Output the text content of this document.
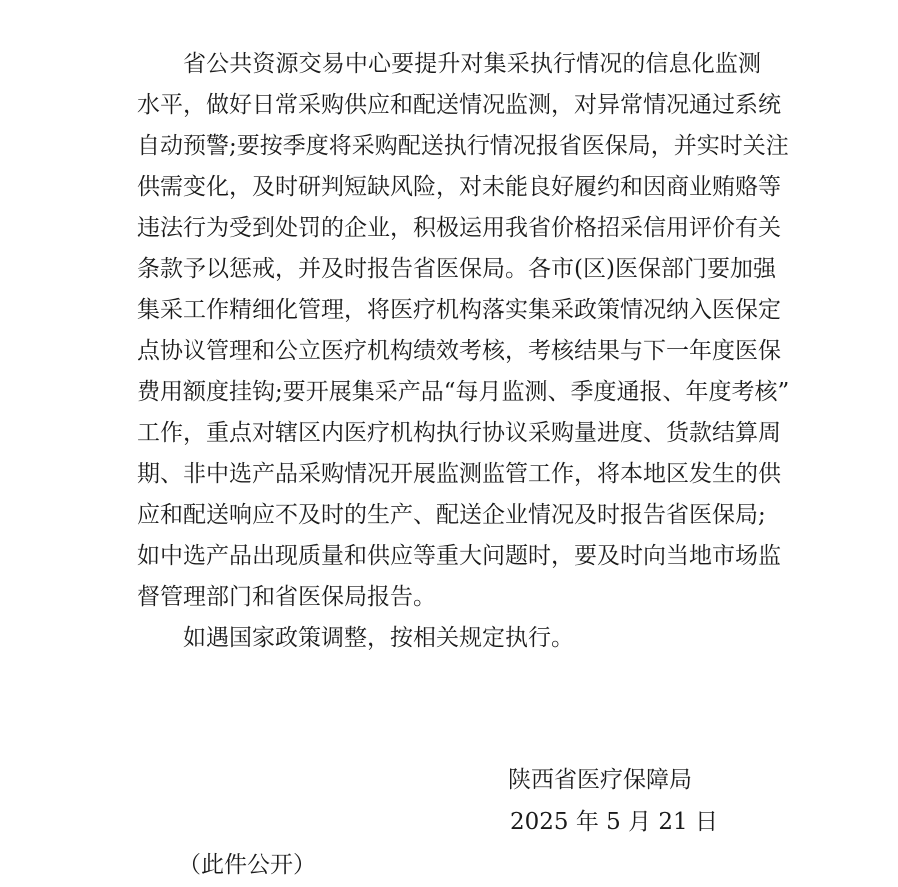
省公共资源交易中心要提升对集采执行情况的信息化监测
水平，做好日常采购供应和配送情况监测，对异常情况通过系统
自动预警;要按季度将采购配送执行情况报省医保局，并实时关注
供需变化，及时研判短缺风险，对未能良好履约和因商业贿赂等
违法行为受到处罚的企业，积极运用我省价格招采信用评价有关
条款予以惩戒，并及时报告省医保局。各市(区)医保部门要加强
集采工作精细化管理，将医疗机构落实集采政策情况纳入医保定
点协议管理和公立医疗机构绩效考核，考核结果与下一年度医保
费用额度挂钩;要开展集采产品“每月监测、季度通报、年度考核”
工作，重点对辖区内医疗机构执行协议采购量进度、货款结算周
期、非中选产品采购情况开展监测监管工作，将本地区发生的供
应和配送响应不及时的生产、配送企业情况及时报告省医保局;
如中选产品出现质量和供应等重大问题时，要及时向当地市场监
督管理部门和省医保局报告。
如遇国家政策调整，按相关规定执行。
陕西省医疗保障局
2025 年 5 月 21 日
（此件公开）
